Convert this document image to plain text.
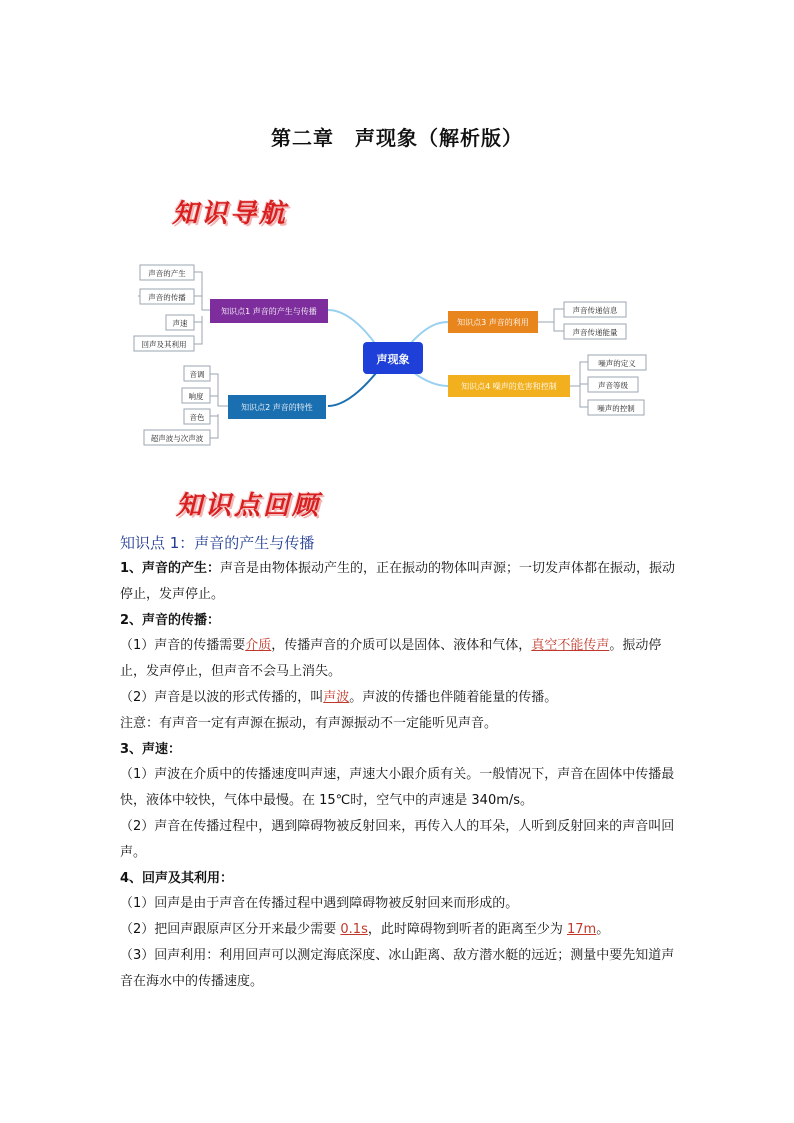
第二章　声现象（解析版）
知识导航
声现象
知识点1 声音的产生与传播
声音的产生
声音的传播
声速
回声及其利用
知识点2 声音的特性
音调
响度
音色
超声波与次声波
知识点3 声音的利用
声音传递信息
声音传递能量
知识点4 噪声的危害和控制
噪声的定义
声音等级
噪声的控制
知识点回顾
知识点 1：声音的产生与传播

1、声音的产生：声音是由物体振动产生的，正在振动的物体叫声源；一切发声体都在振动，振动停止，发声停止。

2、声音的传播：

（1）声音的传播需要介质，传播声音的介质可以是固体、液体和气体，真空不能传声。振动停止，发声停止，但声音不会马上消失。

（2）声音是以波的形式传播的，叫声波。声波的传播也伴随着能量的传播。

注意：有声音一定有声源在振动，有声源振动不一定能听见声音。

3、声速：

（1）声波在介质中的传播速度叫声速，声速大小跟介质有关。一般情况下，声音在固体中传播最快，液体中较快，气体中最慢。在 15℃时，空气中的声速是 340m/s。

（2）声音在传播过程中，遇到障碍物被反射回来，再传入人的耳朵，人听到反射回来的声音叫回声。

4、回声及其利用：

（1）回声是由于声音在传播过程中遇到障碍物被反射回来而形成的。

（2）把回声跟原声区分开来最少需要 0.1s，此时障碍物到听者的距离至少为 17m。

（3）回声利用：利用回声可以测定海底深度、冰山距离、敌方潜水艇的远近；测量中要先知道声音在海水中的传播速度。
